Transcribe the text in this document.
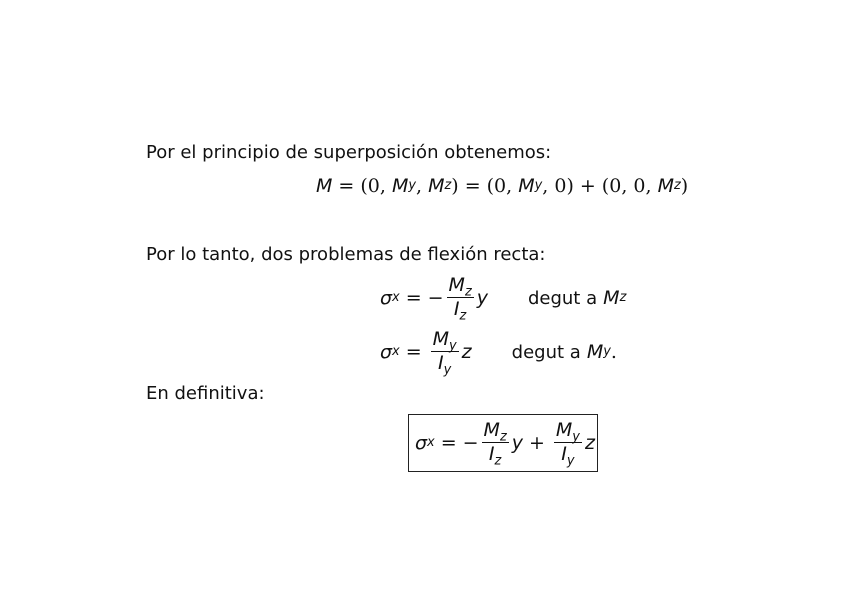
Por el principio de superposición obtenemos:
M = ( 0 ,
M y ,
M z ) = ( 0 ,
M y ,
0 ) + ( 0 ,
0 ,
M z )
Por lo tanto, dos problemas de flexión recta:
σ x = − $\frac{M_z}{I_z}$ y degut a
M z
σ $x = \frac{M_y}{I_y}$ z degut a
M y .
En definitiva:
σ x = − $\frac{M_z}{I_z}$ $y + \frac{M_y}{I_y}$ z
